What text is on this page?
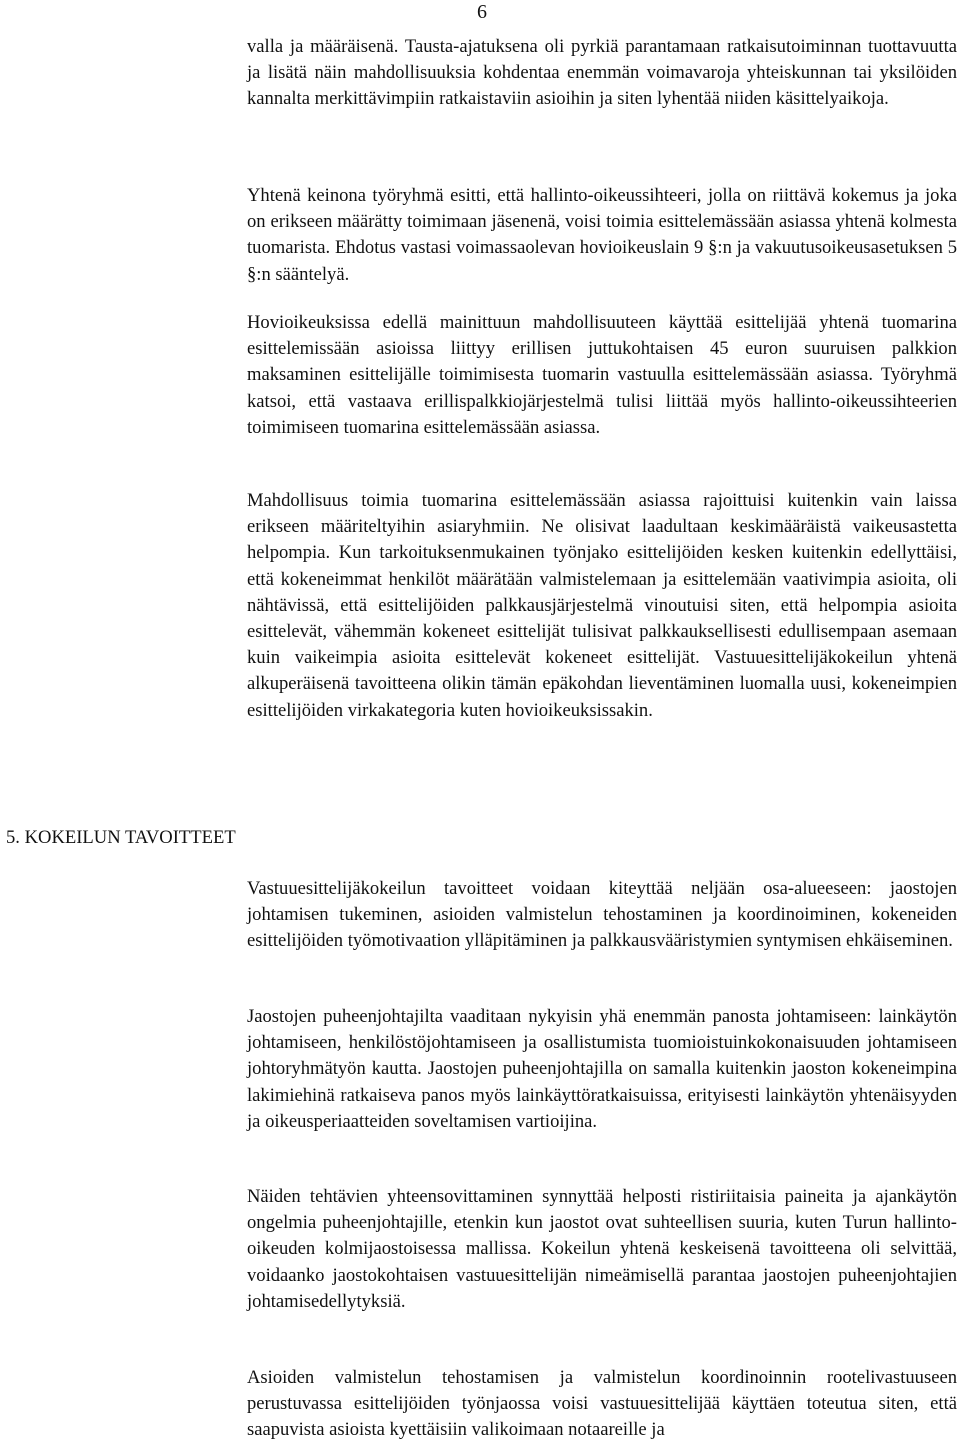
6

valla ja määräisenä. Tausta-ajatuksena oli pyrkiä parantamaan ratkaisutoiminnan tuottavuutta ja lisätä näin mahdollisuuksia kohdentaa enemmän voimavaroja yhteiskunnan tai yksilöiden kannalta merkittävimpiin ratkaistaviin asioihin ja siten lyhentää niiden käsittelyaikoja.

Yhtenä keinona työryhmä esitti, että hallinto-oikeussihteeri, jolla on riittävä kokemus ja joka on erikseen määrätty toimimaan jäsenenä, voisi toimia esittelemässään asiassa yhtenä kolmesta tuomarista. Ehdotus vastasi voimassaolevan hovioikeuslain 9 §:n ja vakuutusoikeusasetuksen 5 §:n sääntelyä.

Hovioikeuksissa edellä mainittuun mahdollisuuteen käyttää esittelijää yhtenä tuomarina esittelemissään asioissa liittyy erillisen juttukohtaisen 45 euron suuruisen palkkion maksaminen esittelijälle toimimisesta tuomarin vastuulla esittelemässään asiassa. Työryhmä katsoi, että vastaava erillispalkkiojärjestelmä tulisi liittää myös hallinto-oikeussihteerien toimimiseen tuomarina esittelemässään asiassa.

Mahdollisuus toimia tuomarina esittelemässään asiassa rajoittuisi kuitenkin vain laissa erikseen määriteltyihin asiaryhmiin. Ne olisivat laadultaan keskimääräistä vaikeusastetta helpompia. Kun tarkoituksenmukainen työnjako esittelijöiden kesken kuitenkin edellyttäisi, että kokeneimmat henkilöt määrätään valmistelemaan ja esittelemään vaativimpia asioita, oli nähtävissä, että esittelijöiden palkkausjärjestelmä vinoutuisi siten, että helpompia asioita esittelevät, vähemmän kokeneet esittelijät tulisivat palkkauksellisesti edullisempaan asemaan kuin vaikeimpia asioita esittelevät kokeneet esittelijät. Vastuuesittelijäkokeilun yhtenä alkuperäisenä tavoitteena olikin tämän epäkohdan lieventäminen luomalla uusi, kokeneimpien esittelijöiden virkakategoria kuten hovioikeuksissakin.

5. KOKEILUN TAVOITTEET

Vastuuesittelijäkokeilun tavoitteet voidaan kiteyttää neljään osa-alueeseen: jaostojen johtamisen tukeminen, asioiden valmistelun tehostaminen ja koordinoiminen, kokeneiden esittelijöiden työmotivaation ylläpitäminen ja palkkausvääristymien syntymisen ehkäiseminen.

Jaostojen puheenjohtajilta vaaditaan nykyisin yhä enemmän panosta johtamiseen: lainkäytön johtamiseen, henkilöstöjohtamiseen ja osallistumista tuomioistuinkokonaisuuden johtamiseen johtoryhmätyön kautta. Jaostojen puheenjohtajilla on samalla kuitenkin jaoston kokeneimpina lakimiehinä ratkaiseva panos myös lainkäyttöratkaisuissa, erityisesti lainkäytön yhtenäisyyden ja oikeusperiaatteiden soveltamisen vartioijina.

Näiden tehtävien yhteensovittaminen synnyttää helposti ristiriitaisia paineita ja ajankäytön ongelmia puheenjohtajille, etenkin kun jaostot ovat suhteellisen suuria, kuten Turun hallinto-oikeuden kolmijaostoisessa mallissa. Kokeilun yhtenä keskeisenä tavoitteena oli selvittää, voidaanko jaostokohtaisen vastuuesittelijän nimeämisellä parantaa jaostojen puheenjohtajien johtamisedellytyksiä.

Asioiden valmistelun tehostamisen ja valmistelun koordinoinnin rootelivastuuseen perustuvassa esittelijöiden työnjaossa voisi vastuuesittelijää käyttäen toteutua siten, että saapuvista asioista kyettäisiin valikoimaan notaareille ja
